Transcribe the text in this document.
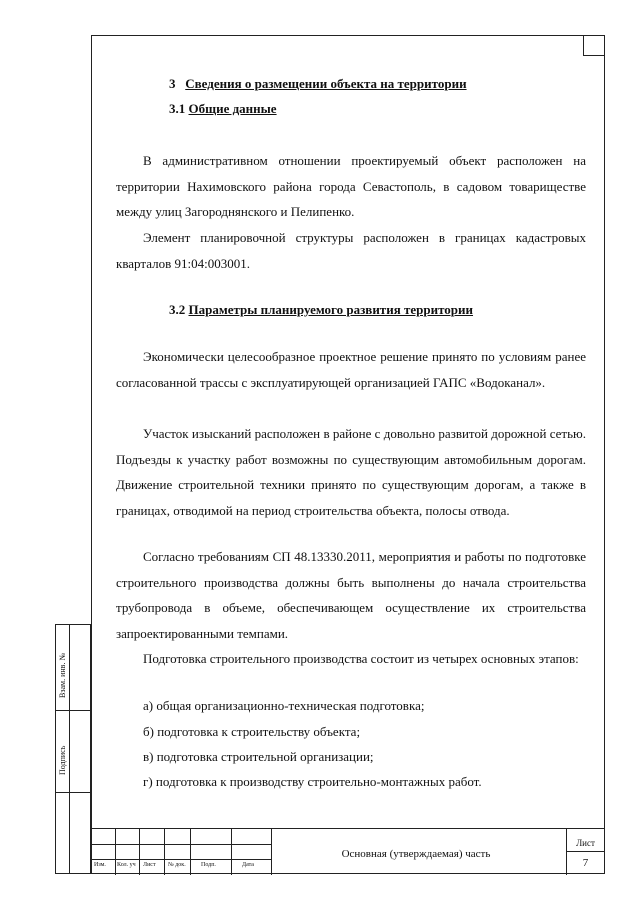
Взам. инв. №
Подпись
3 Сведения о размещении объекта на территории
3.1 Общие данные
В административном отношении проектируемый объект расположен на территории Нахимовского района города Севастополь, в садовом товариществе между улиц Загороднянского и Пелипенко.
Элемент планировочной структуры расположен в границах кадастровых кварталов 91:04:003001.
3.2 Параметры планируемого развития территории
Экономически целесообразное проектное решение принято по условиям ранее согласованной трассы с эксплуатирующей организацией ГАПС «Водоканал».
Участок изысканий расположен в районе с довольно развитой дорожной сетью. Подъезды к участку работ возможны по существующим автомобильным дорогам. Движение строительной техники принято по существующим дорогам, а также в границах, отводимой на период строительства объекта, полосы отвода.
Согласно требованиям СП 48.13330.2011, мероприятия и работы по подготовке строительного производства должны быть выполнены до начала строительства трубопровода в объеме, обеспечивающем осуществление их строительства запроектированными темпами.
Подготовка строительного производства состоит из четырех основных этапов:
а) общая организационно-техническая подготовка;
б) подготовка к строительству объекта;
в) подготовка строительной организации;
г) подготовка к производству строительно-монтажных работ.
Изм. Кол. уч Лист № док.	Подп.	Дата
Основная (утверждаемая) часть
Лист
7
